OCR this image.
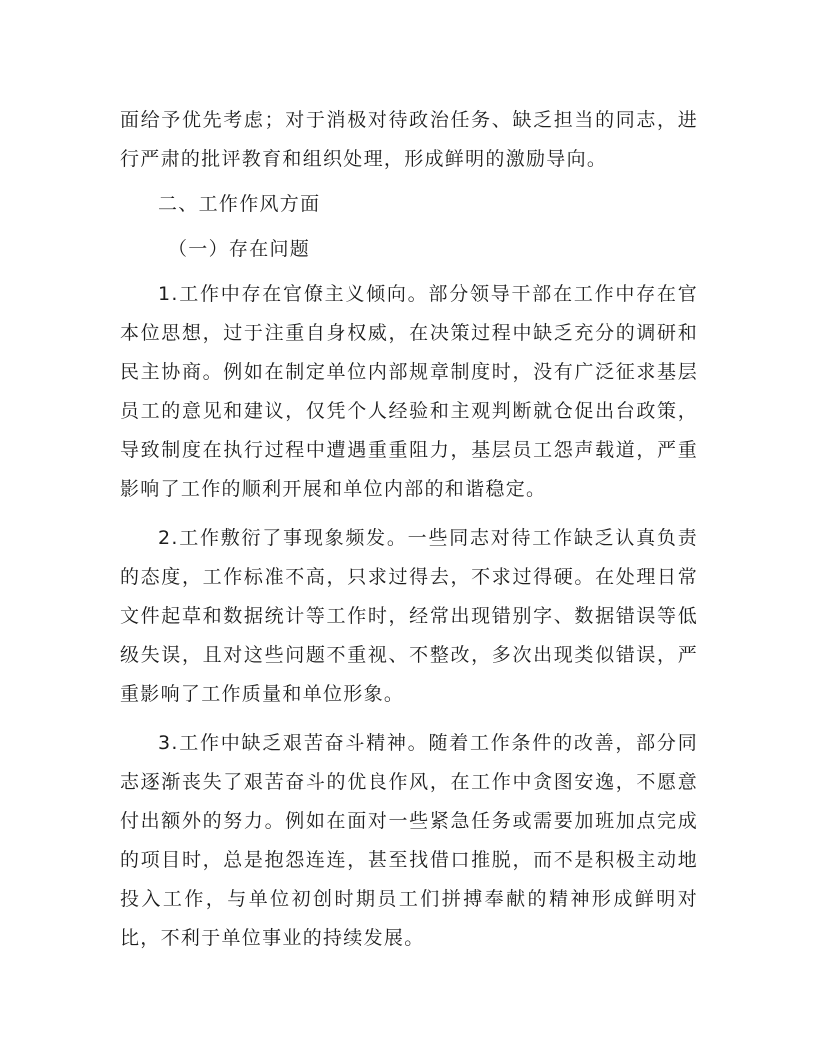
面给予优先考虑；对于消极对待政治任务、缺乏担当的同志，进行严肃的批评教育和组织处理，形成鲜明的激励导向。

二、工作作风方面

（一）存在问题

1.工作中存在官僚主义倾向。部分领导干部在工作中存在官本位思想，过于注重自身权威，在决策过程中缺乏充分的调研和民主协商。例如在制定单位内部规章制度时，没有广泛征求基层员工的意见和建议，仅凭个人经验和主观判断就仓促出台政策，导致制度在执行过程中遭遇重重阻力，基层员工怨声载道，严重影响了工作的顺利开展和单位内部的和谐稳定。

2.工作敷衍了事现象频发。一些同志对待工作缺乏认真负责的态度，工作标准不高，只求过得去，不求过得硬。在处理日常文件起草和数据统计等工作时，经常出现错别字、数据错误等低级失误，且对这些问题不重视、不整改，多次出现类似错误，严重影响了工作质量和单位形象。

3.工作中缺乏艰苦奋斗精神。随着工作条件的改善，部分同志逐渐丧失了艰苦奋斗的优良作风，在工作中贪图安逸，不愿意付出额外的努力。例如在面对一些紧急任务或需要加班加点完成的项目时，总是抱怨连连，甚至找借口推脱，而不是积极主动地投入工作，与单位初创时期员工们拼搏奉献的精神形成鲜明对比，不利于单位事业的持续发展。
